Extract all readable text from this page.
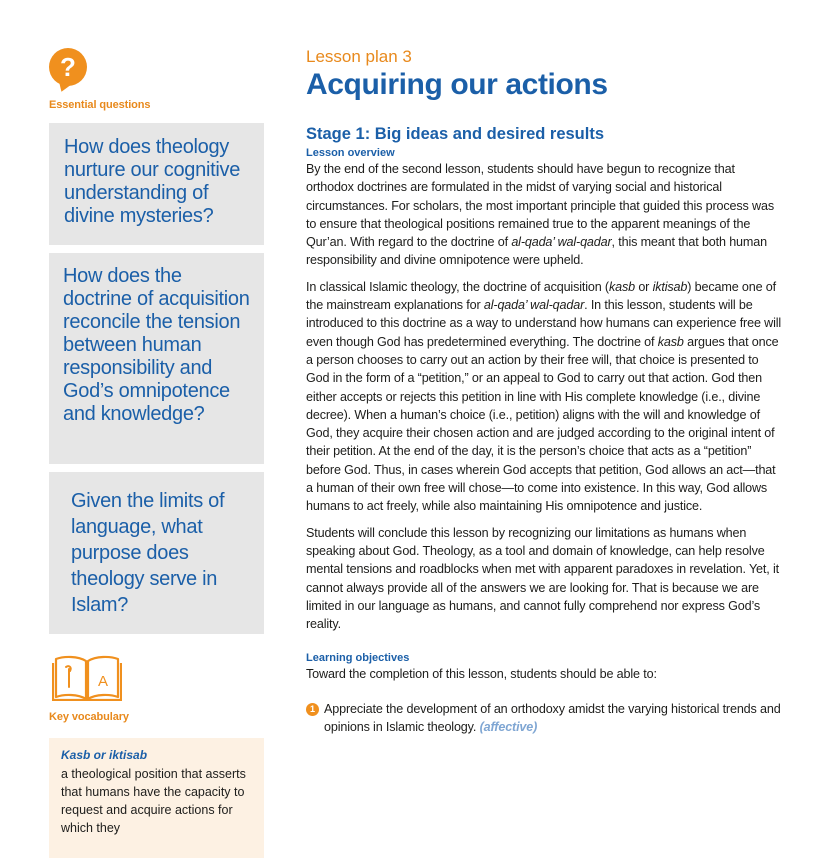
?
Essential questions
How does theology nurture our cognitive understanding of divine mysteries?
How does the doctrine of acquisition reconcile the tension between human responsibility and God’s omnipotence and knowledge?
Given the limits of language, what purpose does theology serve in Islam?
A
Key vocabulary
Kasb or iktisab
a theological position that asserts that humans have the capacity to request and acquire actions for which they

Lesson plan 3

Acquiring our actions
Stage 1: Big ideas and desired results

Lesson overview

By the end of the second lesson, students should have begun to recognize that orthodox doctrines are formulated in the midst of varying social and historical circumstances. For scholars, the most important principle that guided this process was to ensure that theological positions remained true to the apparent meanings of the Qur’an. With regard to the doctrine of al-qada’ wal-qadar, this meant that both human responsibility and divine omnipotence were upheld.

In classical Islamic theology, the doctrine of acquisition (kasb or iktisab) became one of the mainstream explanations for al-qada’ wal-qadar. In this lesson, students will be introduced to this doctrine as a way to understand how humans can experience free will even though God has predetermined everything. The doctrine of kasb argues that once a person chooses to carry out an action by their free will, that choice is presented to God in the form of a “petition,” or an appeal to God to carry out that action. God then either accepts or rejects this petition in line with His complete knowledge (i.e., divine decree). When a human’s choice (i.e., petition) aligns with the will and knowledge of God, they acquire their chosen action and are judged according to the original intent of their petition. At the end of the day, it is the person’s choice that acts as a “petition” before God. Thus, in cases wherein God accepts that petition, God allows an act—that a human of their own free will chose—to come into existence. In this way, God allows humans to act freely, while also maintaining His omnipotence and justice.

Students will conclude this lesson by recognizing our limitations as humans when speaking about God. Theology, as a tool and domain of knowledge, can help resolve mental tensions and roadblocks when met with apparent paradoxes in revelation. Yet, it cannot always provide all of the answers we are looking for. That is because we are limited in our language as humans, and cannot fully comprehend nor express God’s reality.

Learning objectives

Toward the completion of this lesson, students should be able to:

1 Appreciate the development of an orthodoxy amidst the varying historical trends and opinions in Islamic theology. (affective)
